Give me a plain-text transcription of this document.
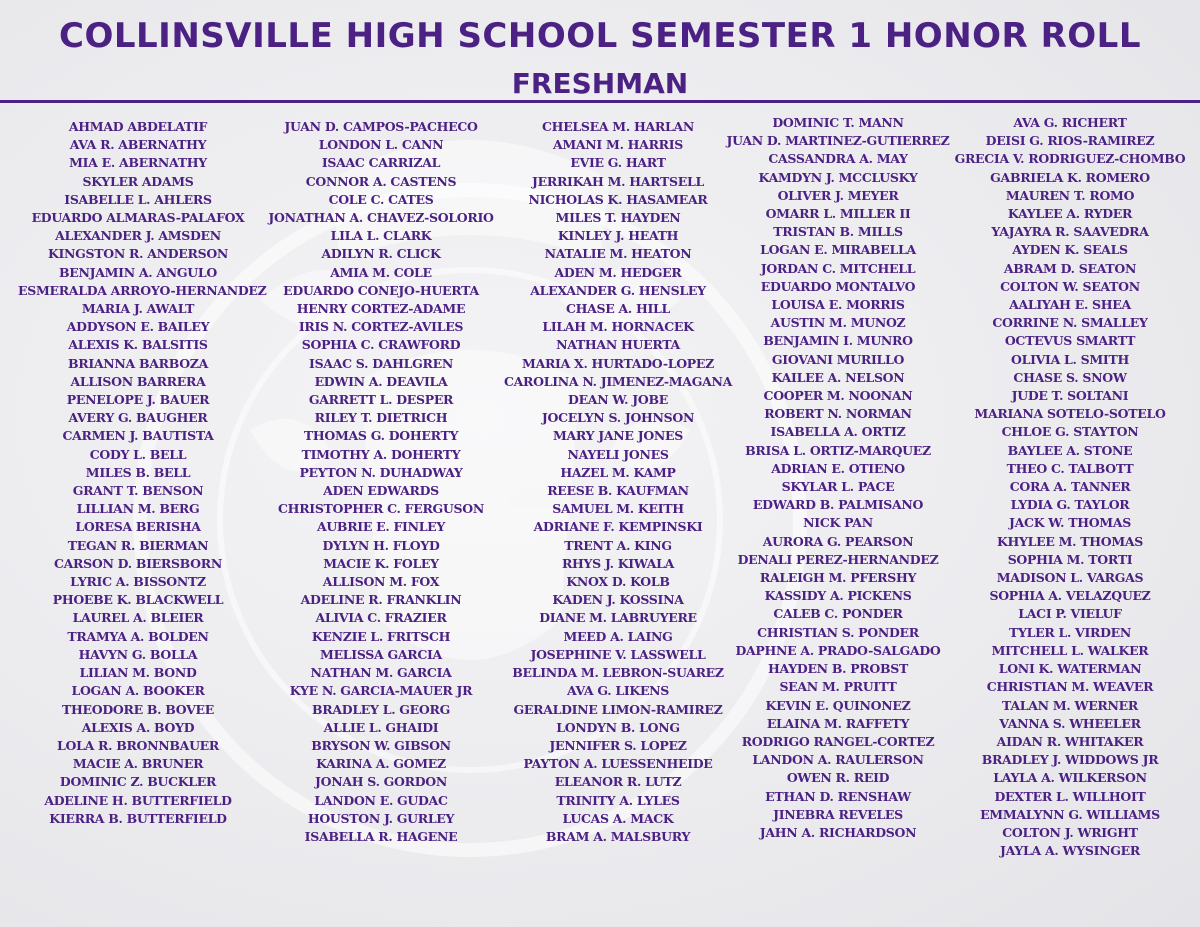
COLLINSVILLE HIGH SCHOOL SEMESTER 1 HONOR ROLL
FRESHMAN
AHMAD ABDELATIF
AVA R. ABERNATHY
MIA E. ABERNATHY
SKYLER ADAMS
ISABELLE L. AHLERS
EDUARDO ALMARAS-PALAFOX
ALEXANDER J. AMSDEN
KINGSTON R. ANDERSON
BENJAMIN A. ANGULO
ESMERALDA ARROYO-HERNANDEZ
MARIA J. AWALT
ADDYSON E. BAILEY
ALEXIS K. BALSITIS
BRIANNA BARBOZA
ALLISON BARRERA
PENELOPE J. BAUER
AVERY G. BAUGHER
CARMEN J. BAUTISTA
CODY L. BELL
MILES B. BELL
GRANT T. BENSON
LILLIAN M. BERG
LORESA BERISHA
TEGAN R. BIERMAN
CARSON D. BIERSBORN
LYRIC A. BISSONTZ
PHOEBE K. BLACKWELL
LAUREL A. BLEIER
TRAMYA A. BOLDEN
HAVYN G. BOLLA
LILIAN M. BOND
LOGAN A. BOOKER
THEODORE B. BOVEE
ALEXIS A. BOYD
LOLA R. BRONNBAUER
MACIE A. BRUNER
DOMINIC Z. BUCKLER
ADELINE H. BUTTERFIELD
KIERRA B. BUTTERFIELD
JUAN D. CAMPOS-PACHECO
LONDON L. CANN
ISAAC CARRIZAL
CONNOR A. CASTENS
COLE C. CATES
JONATHAN A. CHAVEZ-SOLORIO
LILA L. CLARK
ADILYN R. CLICK
AMIA M. COLE
EDUARDO CONEJO-HUERTA
HENRY CORTEZ-ADAME
IRIS N. CORTEZ-AVILES
SOPHIA C. CRAWFORD
ISAAC S. DAHLGREN
EDWIN A. DEAVILA
GARRETT L. DESPER
RILEY T. DIETRICH
THOMAS G. DOHERTY
TIMOTHY A. DOHERTY
PEYTON N. DUHADWAY
ADEN EDWARDS
CHRISTOPHER C. FERGUSON
AUBRIE E. FINLEY
DYLYN H. FLOYD
MACIE K. FOLEY
ALLISON M. FOX
ADELINE R. FRANKLIN
ALIVIA C. FRAZIER
KENZIE L. FRITSCH
MELISSA GARCIA
NATHAN M. GARCIA
KYE N. GARCIA-MAUER JR
BRADLEY L. GEORG
ALLIE L. GHAIDI
BRYSON W. GIBSON
KARINA A. GOMEZ
JONAH S. GORDON
LANDON E. GUDAC
HOUSTON J. GURLEY
ISABELLA R. HAGENE
CHELSEA M. HARLAN
AMANI M. HARRIS
EVIE G. HART
JERRIKAH M. HARTSELL
NICHOLAS K. HASAMEAR
MILES T. HAYDEN
KINLEY J. HEATH
NATALIE M. HEATON
ADEN M. HEDGER
ALEXANDER G. HENSLEY
CHASE A. HILL
LILAH M. HORNACEK
NATHAN HUERTA
MARIA X. HURTADO-LOPEZ
CAROLINA N. JIMENEZ-MAGANA
DEAN W. JOBE
JOCELYN S. JOHNSON
MARY JANE JONES
NAYELI JONES
HAZEL M. KAMP
REESE B. KAUFMAN
SAMUEL M. KEITH
ADRIANE F. KEMPINSKI
TRENT A. KING
RHYS J. KIWALA
KNOX D. KOLB
KADEN J. KOSSINA
DIANE M. LABRUYERE
MEED A. LAING
JOSEPHINE V. LASSWELL
BELINDA M. LEBRON-SUAREZ
AVA G. LIKENS
GERALDINE LIMON-RAMIREZ
LONDYN B. LONG
JENNIFER S. LOPEZ
PAYTON A. LUESSENHEIDE
ELEANOR R. LUTZ
TRINITY A. LYLES
LUCAS A. MACK
BRAM A. MALSBURY
DOMINIC T. MANN
JUAN D. MARTINEZ-GUTIERREZ
CASSANDRA A. MAY
KAMDYN J. MCCLUSKY
OLIVER J. MEYER
OMARR L. MILLER II
TRISTAN B. MILLS
LOGAN E. MIRABELLA
JORDAN C. MITCHELL
EDUARDO MONTALVO
LOUISA E. MORRIS
AUSTIN M. MUNOZ
BENJAMIN I. MUNRO
GIOVANI MURILLO
KAILEE A. NELSON
COOPER M. NOONAN
ROBERT N. NORMAN
ISABELLA A. ORTIZ
BRISA L. ORTIZ-MARQUEZ
ADRIAN E. OTIENO
SKYLAR L. PACE
EDWARD B. PALMISANO
NICK PAN
AURORA G. PEARSON
DENALI PEREZ-HERNANDEZ
RALEIGH M. PFERSHY
KASSIDY A. PICKENS
CALEB C. PONDER
CHRISTIAN S. PONDER
DAPHNE A. PRADO-SALGADO
HAYDEN B. PROBST
SEAN M. PRUITT
KEVIN E. QUINONEZ
ELAINA M. RAFFETY
RODRIGO RANGEL-CORTEZ
LANDON A. RAULERSON
OWEN R. REID
ETHAN D. RENSHAW
JINEBRA REVELES
JAHN A. RICHARDSON
AVA G. RICHERT
DEISI G. RIOS-RAMIREZ
GRECIA V. RODRIGUEZ-CHOMBO
GABRIELA K. ROMERO
MAUREN T. ROMO
KAYLEE A. RYDER
YAJAYRA R. SAAVEDRA
AYDEN K. SEALS
ABRAM D. SEATON
COLTON W. SEATON
AALIYAH E. SHEA
CORRINE N. SMALLEY
OCTEVUS SMARTT
OLIVIA L. SMITH
CHASE S. SNOW
JUDE T. SOLTANI
MARIANA SOTELO-SOTELO
CHLOE G. STAYTON
BAYLEE A. STONE
THEO C. TALBOTT
CORA A. TANNER
LYDIA G. TAYLOR
JACK W. THOMAS
KHYLEE M. THOMAS
SOPHIA M. TORTI
MADISON L. VARGAS
SOPHIA A. VELAZQUEZ
LACI P. VIELUF
TYLER L. VIRDEN
MITCHELL L. WALKER
LONI K. WATERMAN
CHRISTIAN M. WEAVER
TALAN M. WERNER
VANNA S. WHEELER
AIDAN R. WHITAKER
BRADLEY J. WIDDOWS JR
LAYLA A. WILKERSON
DEXTER L. WILLHOIT
EMMALYNN G. WILLIAMS
COLTON J. WRIGHT
JAYLA A. WYSINGER
